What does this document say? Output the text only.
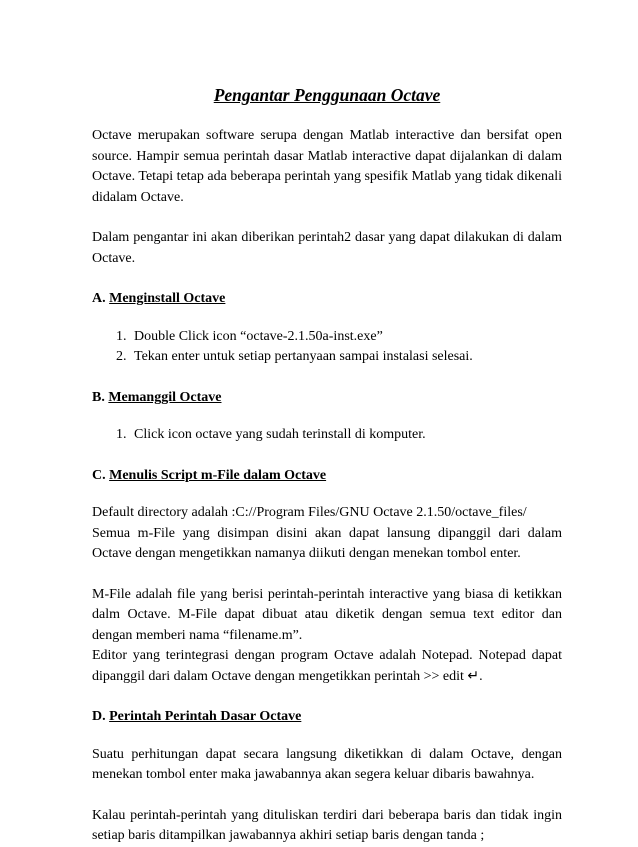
Pengantar Penggunaan Octave

Octave merupakan software serupa dengan Matlab interactive dan bersifat open source. Hampir semua perintah dasar Matlab interactive dapat dijalankan di dalam Octave. Tetapi tetap ada beberapa perintah yang spesifik Matlab yang tidak dikenali didalam Octave.

Dalam pengantar ini akan diberikan perintah2 dasar yang dapat dilakukan di dalam Octave.

A. Menginstall Octave
1. Double Click icon “octave-2.1.50a-inst.exe”
2. Tekan enter untuk setiap pertanyaan sampai instalasi selesai.
B. Memanggil Octave
1. Click icon octave yang sudah terinstall di komputer.
C. Menulis Script m-File dalam Octave

Default directory adalah :C://Program Files/GNU Octave 2.1.50/octave_files/

Semua m-File yang disimpan disini akan dapat lansung dipanggil dari dalam Octave dengan mengetikkan namanya diikuti dengan menekan tombol enter.

M-File adalah file yang berisi perintah-perintah interactive yang biasa di ketikkan dalm Octave. M-File dapat dibuat atau diketik dengan semua text editor dan dengan memberi nama “filename.m”.

Editor yang terintegrasi dengan program Octave adalah Notepad. Notepad dapat dipanggil dari dalam Octave dengan mengetikkan perintah >> edit ↵.

D. Perintah Perintah Dasar Octave

Suatu perhitungan dapat secara langsung diketikkan di dalam Octave, dengan menekan tombol enter maka jawabannya akan segera keluar dibaris bawahnya.

Kalau perintah-perintah yang dituliskan terdiri dari beberapa baris dan tidak ingin setiap baris ditampilkan jawabannya akhiri setiap baris dengan tanda ;
